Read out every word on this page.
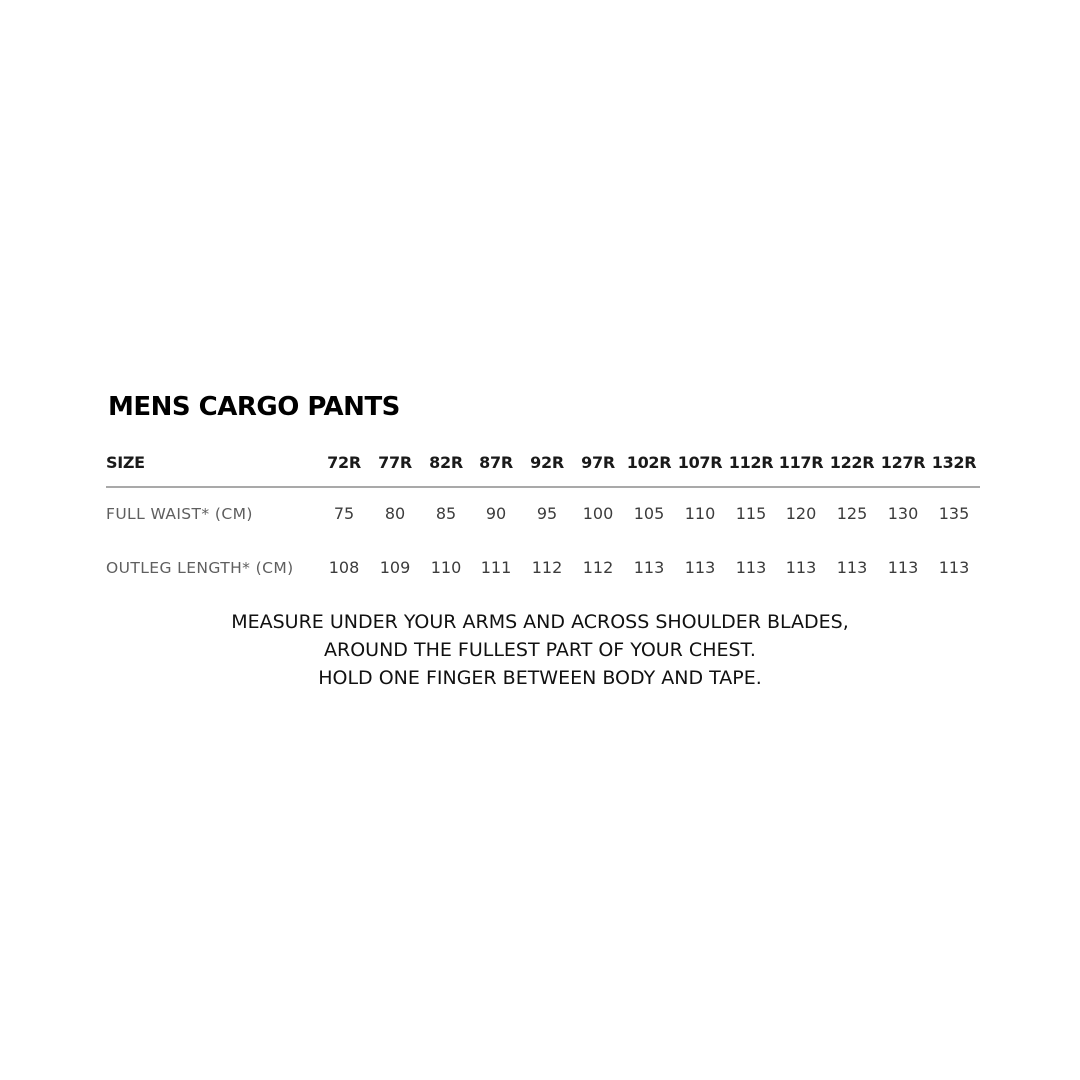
MENS CARGO PANTS
SIZE	72R	77R	82R	87R	92R	97R 102R 107R 112R 117R 122R 127R 132R
FULL WAIST* (CM)	75	80	85	90	95	100	105	110	115	120	125	130	135
OUTLEG LENGTH* (CM)	108	109	110	111	112	112	113	113	113	113	113	113	113
MEASURE UNDER YOUR ARMS AND ACROSS SHOULDER BLADES,
AROUND THE FULLEST PART OF YOUR CHEST.
HOLD ONE FINGER BETWEEN BODY AND TAPE.
